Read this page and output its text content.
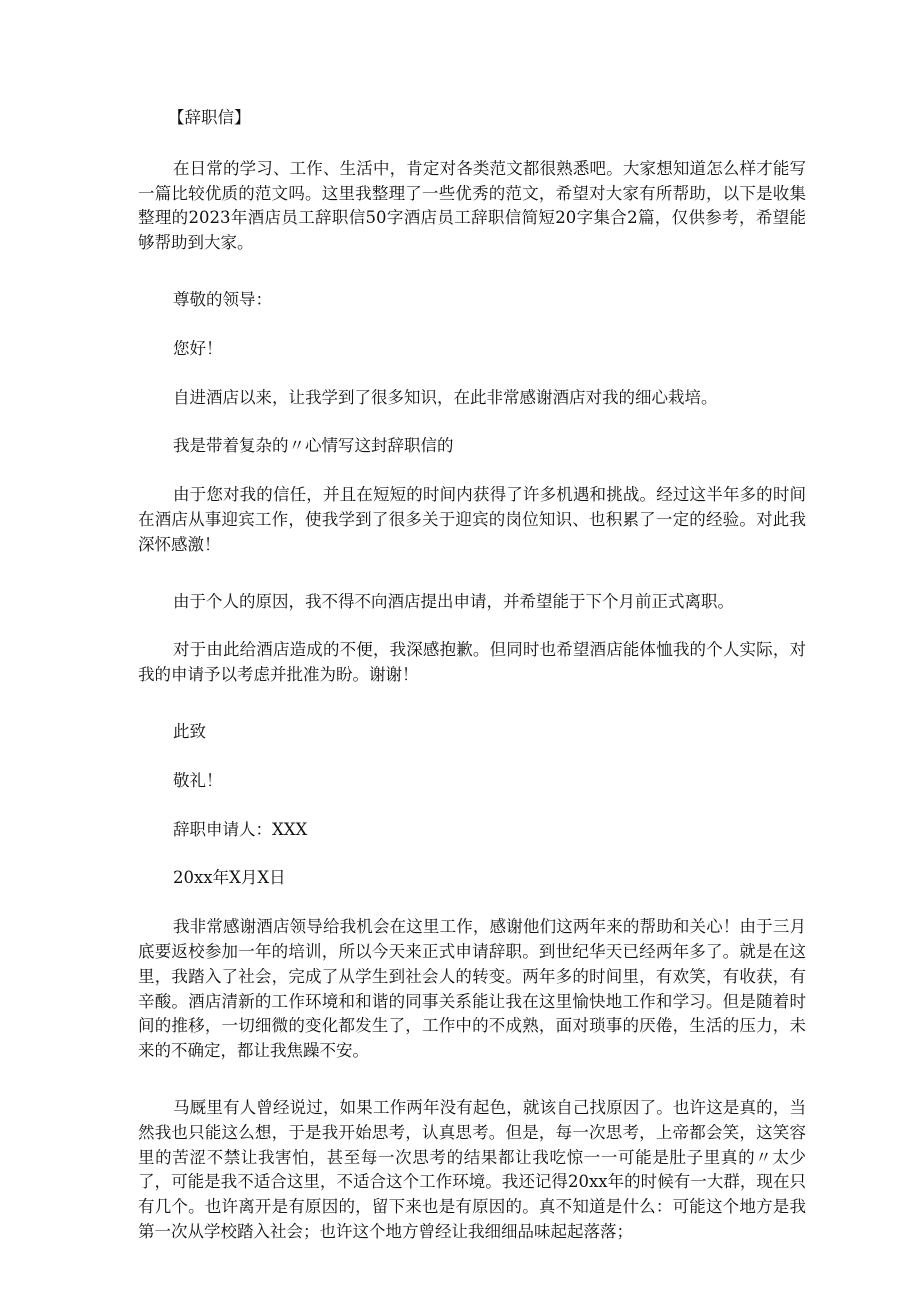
【辞职信】

在日常的学习、工作、生活中，肯定对各类范文都很熟悉吧。大家想知道怎么样才能写一篇比较优质的范文吗。这里我整理了一些优秀的范文，希望对大家有所帮助，以下是收集整理的2023年酒店员工辞职信50字酒店员工辞职信简短20字集合2篇，仅供参考，希望能够帮助到大家。

尊敬的领导：

您好！

自进酒店以来，让我学到了很多知识，在此非常感谢酒店对我的细心栽培。

我是带着复杂的〃心情写这封辞职信的

由于您对我的信任，并且在短短的时间内获得了许多机遇和挑战。经过这半年多的时间在酒店从事迎宾工作，使我学到了很多关于迎宾的岗位知识、也积累了一定的经验。对此我深怀感激！

由于个人的原因，我不得不向酒店提出申请，并希望能于下个月前正式离职。

对于由此给酒店造成的不便，我深感抱歉。但同时也希望酒店能体恤我的个人实际，对我的申请予以考虑并批准为盼。谢谢！

此致

敬礼！

辞职申请人：XXX

20xx年X月X日

我非常感谢酒店领导给我机会在这里工作，感谢他们这两年来的帮助和关心！由于三月底要返校参加一年的培训，所以今天来正式申请辞职。到世纪华天已经两年多了。就是在这里，我踏入了社会，完成了从学生到社会人的转变。两年多的时间里，有欢笑，有收获，有辛酸。酒店清新的工作环境和和谐的同事关系能让我在这里愉快地工作和学习。但是随着时间的推移，一切细微的变化都发生了，工作中的不成熟，面对琐事的厌倦，生活的压力，未来的不确定，都让我焦躁不安。

马厩里有人曾经说过，如果工作两年没有起色，就该自己找原因了。也许这是真的，当然我也只能这么想，于是我开始思考，认真思考。但是，每一次思考，上帝都会笑，这笑容里的苦涩不禁让我害怕，甚至每一次思考的结果都让我吃惊一一可能是肚子里真的〃太少了，可能是我不适合这里，不适合这个工作环境。我还记得20xx年的时候有一大群，现在只有几个。也许离开是有原因的，留下来也是有原因的。真不知道是什么：可能这个地方是我第一次从学校踏入社会；也许这个地方曾经让我细细品味起起落落；
